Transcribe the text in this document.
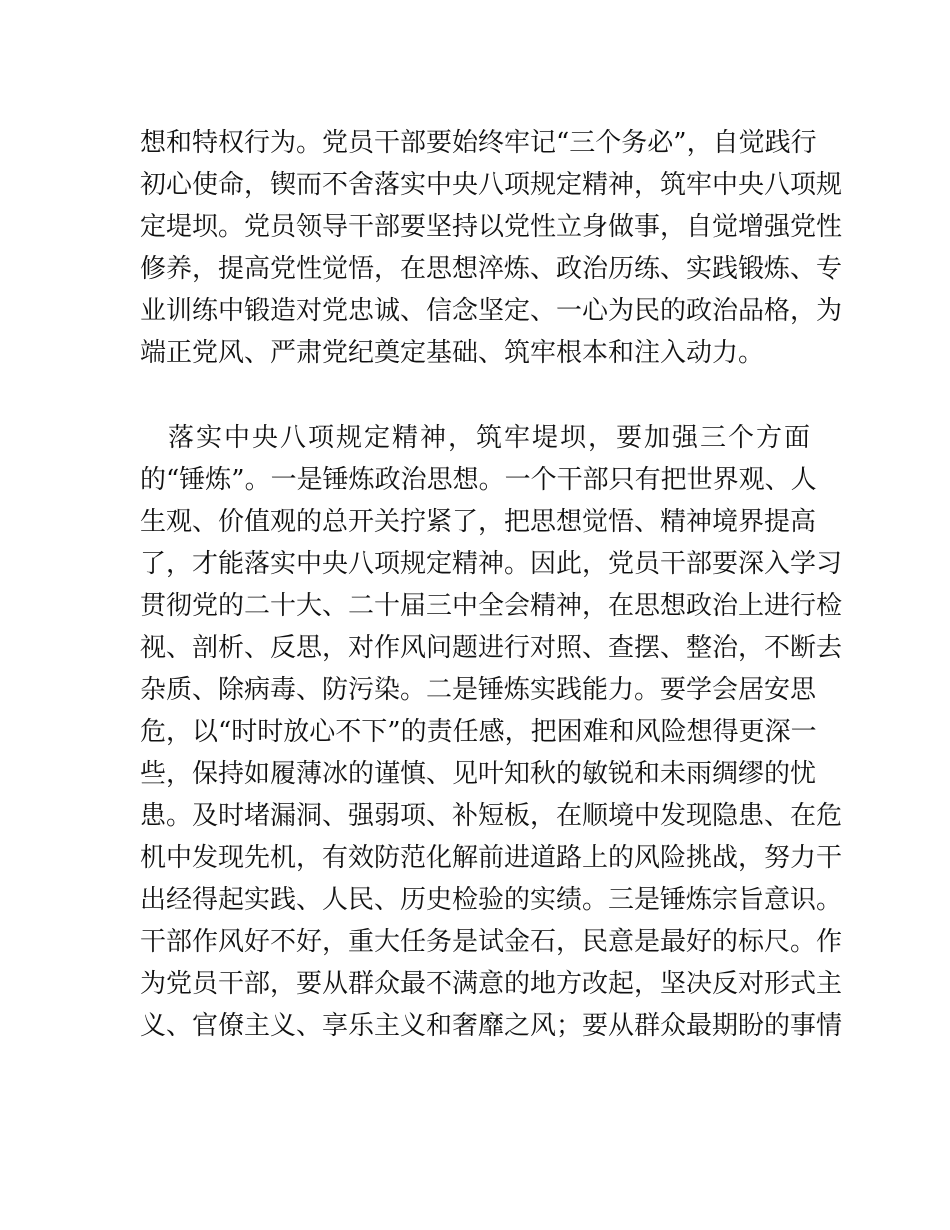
想和特权行为。党员干部要始终牢记“三个务必”，自觉践行
初心使命，锲而不舍落实中央八项规定精神，筑牢中央八项规
定堤坝。党员领导干部要坚持以党性立身做事，自觉增强党性
修养，提高党性觉悟，在思想淬炼、政治历练、实践锻炼、专
业训练中锻造对党忠诚、信念坚定、一心为民的政治品格，为
端正党风、严肃党纪奠定基础、筑牢根本和注入动力。
　落实中央八项规定精神，筑牢堤坝，要加强三个方面
的“锤炼”。一是锤炼政治思想。一个干部只有把世界观、人
生观、价值观的总开关拧紧了，把思想觉悟、精神境界提高
了，才能落实中央八项规定精神。因此，党员干部要深入学习
贯彻党的二十大、二十届三中全会精神，在思想政治上进行检
视、剖析、反思，对作风问题进行对照、查摆、整治，不断去
杂质、除病毒、防污染。二是锤炼实践能力。要学会居安思
危，以“时时放心不下”的责任感，把困难和风险想得更深一
些，保持如履薄冰的谨慎、见叶知秋的敏锐和未雨绸缪的忧
患。及时堵漏洞、强弱项、补短板，在顺境中发现隐患、在危
机中发现先机，有效防范化解前进道路上的风险挑战，努力干
出经得起实践、人民、历史检验的实绩。三是锤炼宗旨意识。
干部作风好不好，重大任务是试金石，民意是最好的标尺。作
为党员干部，要从群众最不满意的地方改起，坚决反对形式主
义、官僚主义、享乐主义和奢靡之风；要从群众最期盼的事情
